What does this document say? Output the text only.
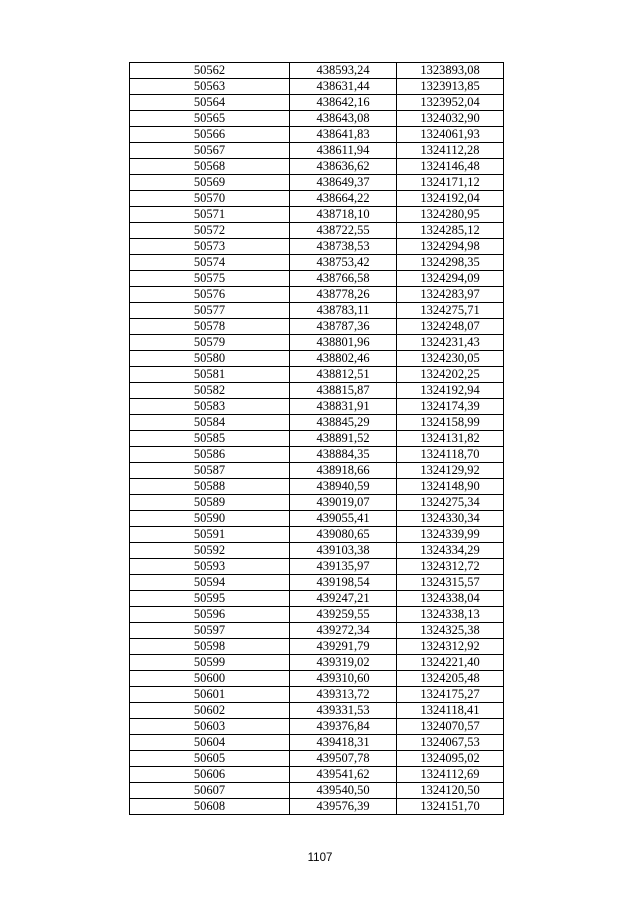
50562	438593,24	1323893,08
50563	438631,44	1323913,85
50564	438642,16	1323952,04
50565	438643,08	1324032,90
50566	438641,83	1324061,93
50567	438611,94	1324112,28
50568	438636,62	1324146,48
50569	438649,37	1324171,12
50570	438664,22	1324192,04
50571	438718,10	1324280,95
50572	438722,55	1324285,12
50573	438738,53	1324294,98
50574	438753,42	1324298,35
50575	438766,58	1324294,09
50576	438778,26	1324283,97
50577	438783,11	1324275,71
50578	438787,36	1324248,07
50579	438801,96	1324231,43
50580	438802,46	1324230,05
50581	438812,51	1324202,25
50582	438815,87	1324192,94
50583	438831,91	1324174,39
50584	438845,29	1324158,99
50585	438891,52	1324131,82
50586	438884,35	1324118,70
50587	438918,66	1324129,92
50588	438940,59	1324148,90
50589	439019,07	1324275,34
50590	439055,41	1324330,34
50591	439080,65	1324339,99
50592	439103,38	1324334,29
50593	439135,97	1324312,72
50594	439198,54	1324315,57
50595	439247,21	1324338,04
50596	439259,55	1324338,13
50597	439272,34	1324325,38
50598	439291,79	1324312,92
50599	439319,02	1324221,40
50600	439310,60	1324205,48
50601	439313,72	1324175,27
50602	439331,53	1324118,41
50603	439376,84	1324070,57
50604	439418,31	1324067,53
50605	439507,78	1324095,02
50606	439541,62	1324112,69
50607	439540,50	1324120,50
50608	439576,39	1324151,70
1107
